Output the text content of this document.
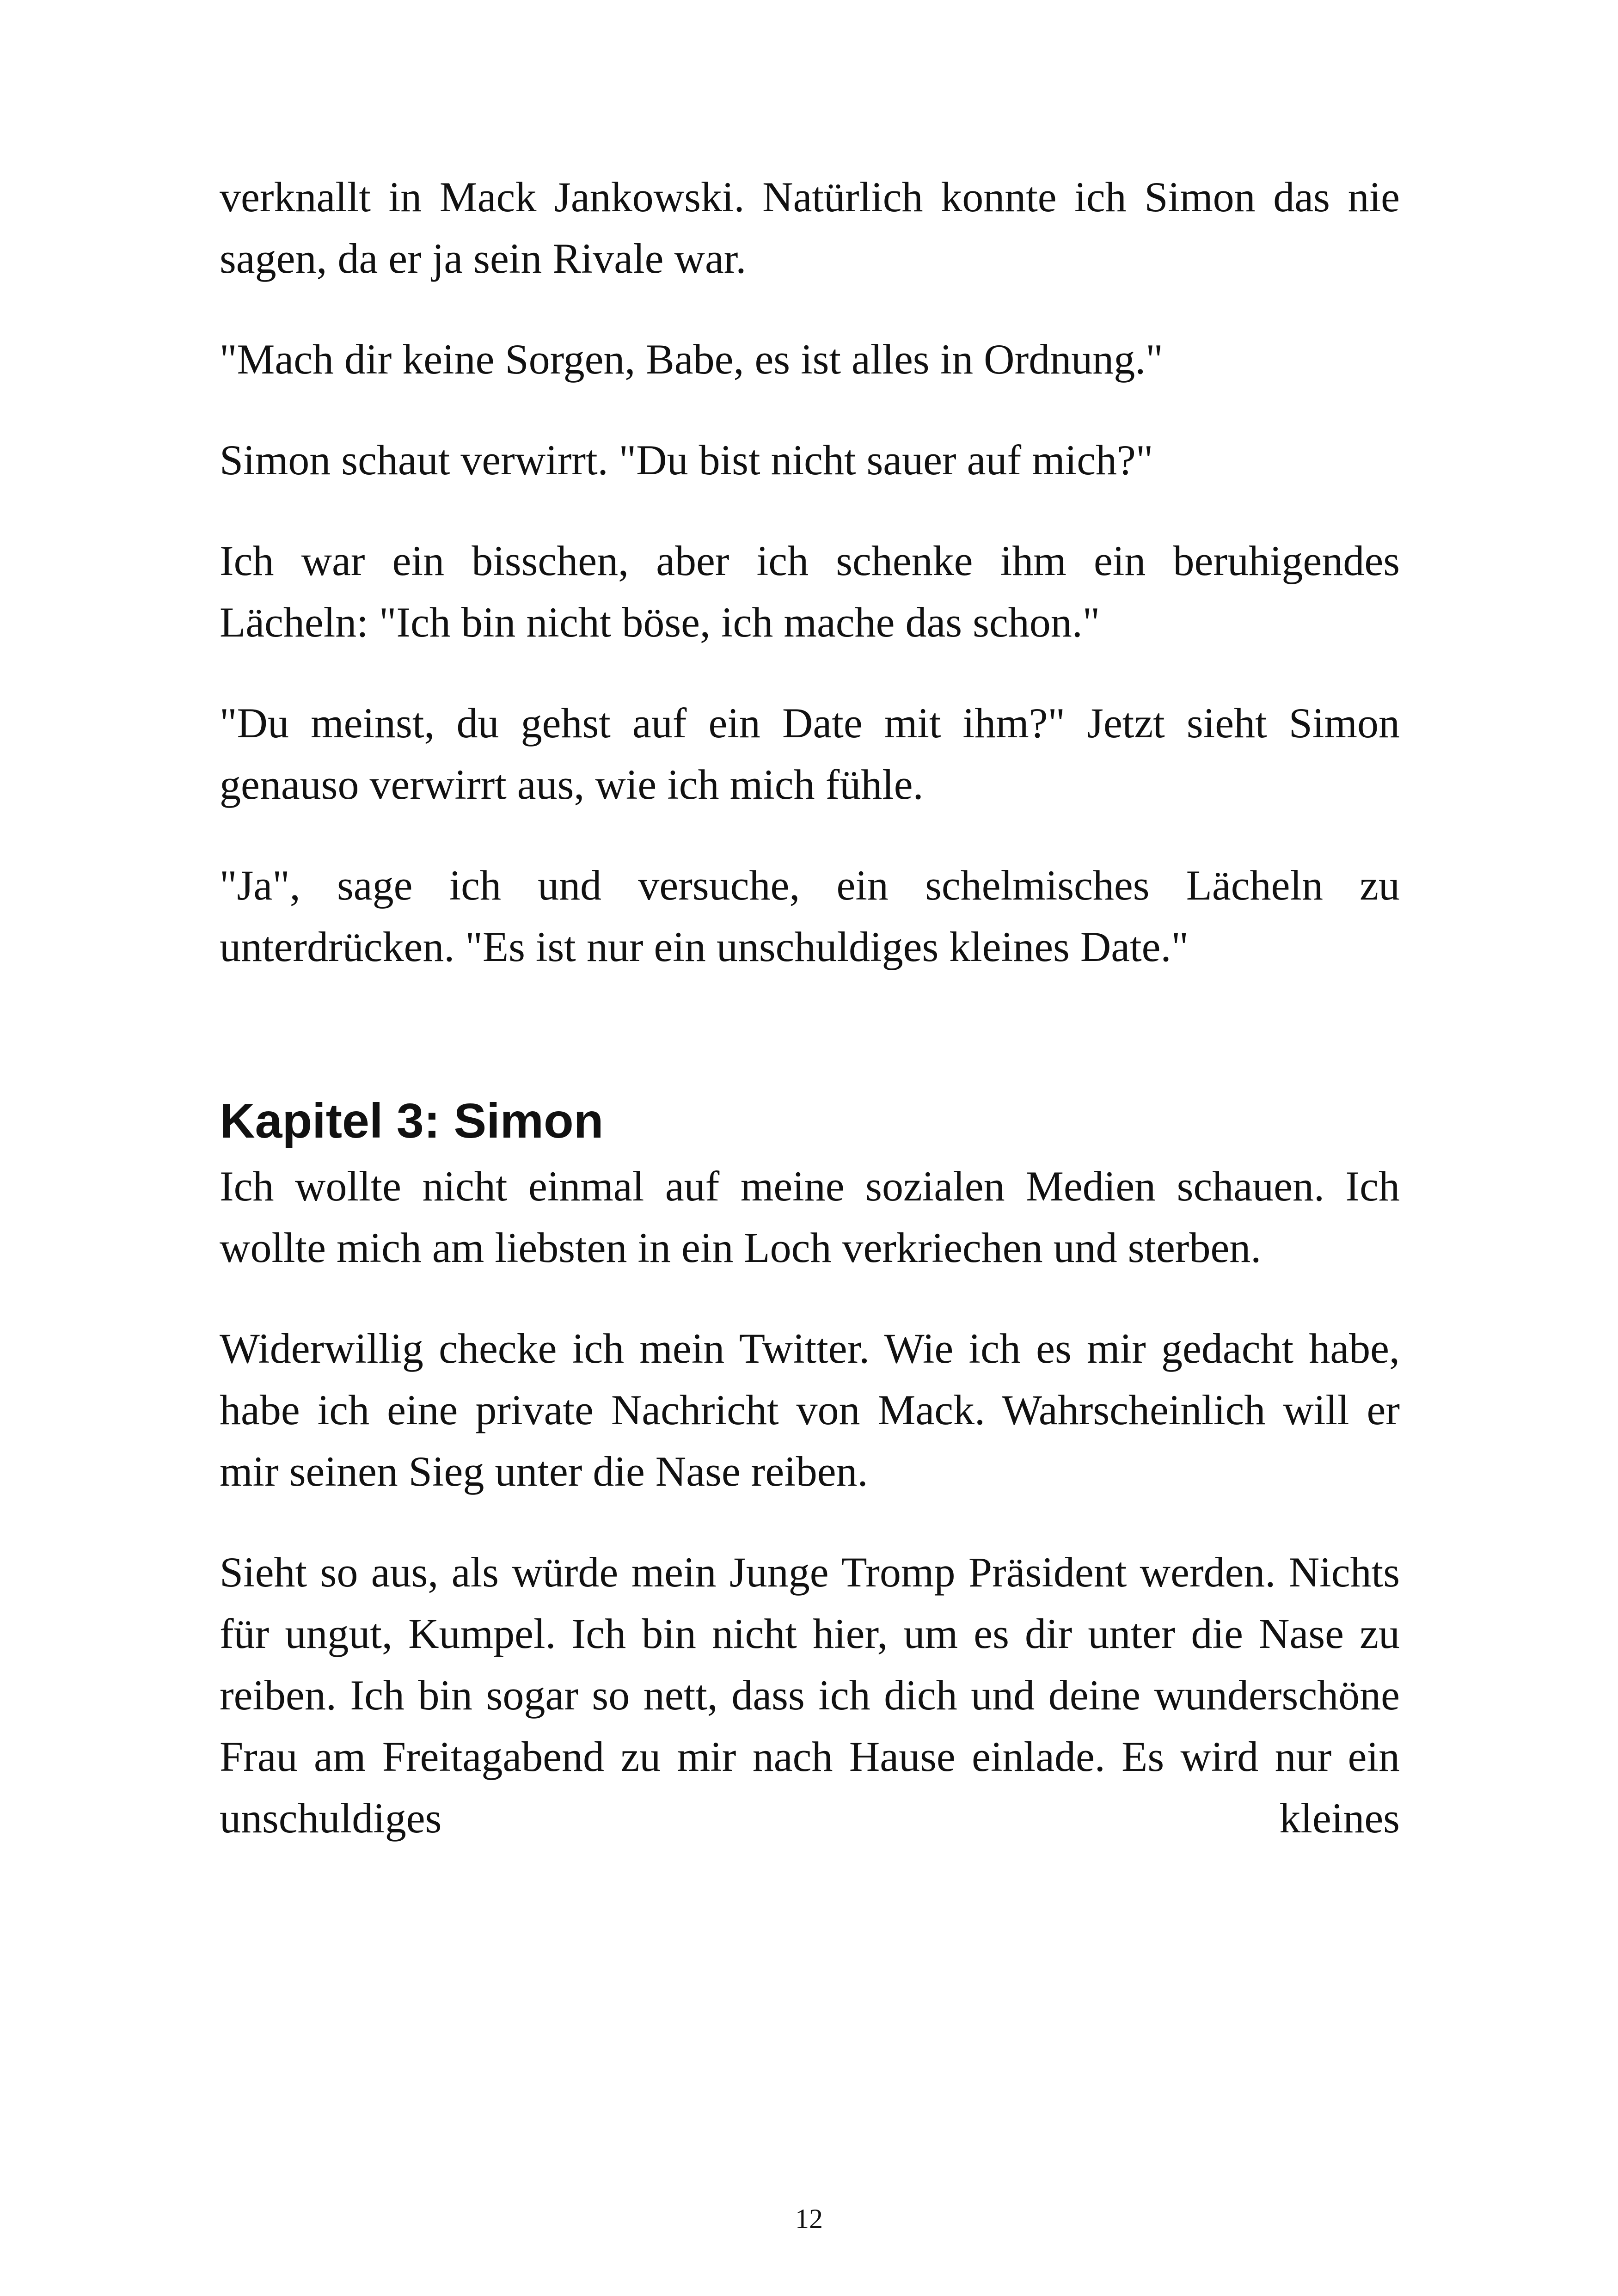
verknallt in Mack Jankowski. Natürlich konnte ich Simon das nie sagen, da er ja sein Rivale war.

"Mach dir keine Sorgen, Babe, es ist alles in Ordnung."

Simon schaut verwirrt. "Du bist nicht sauer auf mich?"

Ich war ein bisschen, aber ich schenke ihm ein beruhigendes Lächeln: "Ich bin nicht böse, ich mache das schon."

"Du meinst, du gehst auf ein Date mit ihm?" Jetzt sieht Simon genauso verwirrt aus, wie ich mich fühle.

"Ja", sage ich und versuche, ein schelmisches Lächeln zu unterdrücken. "Es ist nur ein unschuldiges kleines Date."

Kapitel 3: Simon

Ich wollte nicht einmal auf meine sozialen Medien schauen. Ich wollte mich am liebsten in ein Loch verkriechen und sterben.

Widerwillig checke ich mein Twitter. Wie ich es mir gedacht habe, habe ich eine private Nachricht von Mack. Wahrscheinlich will er mir seinen Sieg unter die Nase reiben.

Sieht so aus, als würde mein Junge Tromp Präsident werden. Nichts für ungut, Kumpel. Ich bin nicht hier, um es dir unter die Nase zu reiben. Ich bin sogar so nett, dass ich dich und deine wunderschöne Frau am Freitagabend zu mir nach Hause einlade. Es wird nur ein unschuldiges kleines

12
